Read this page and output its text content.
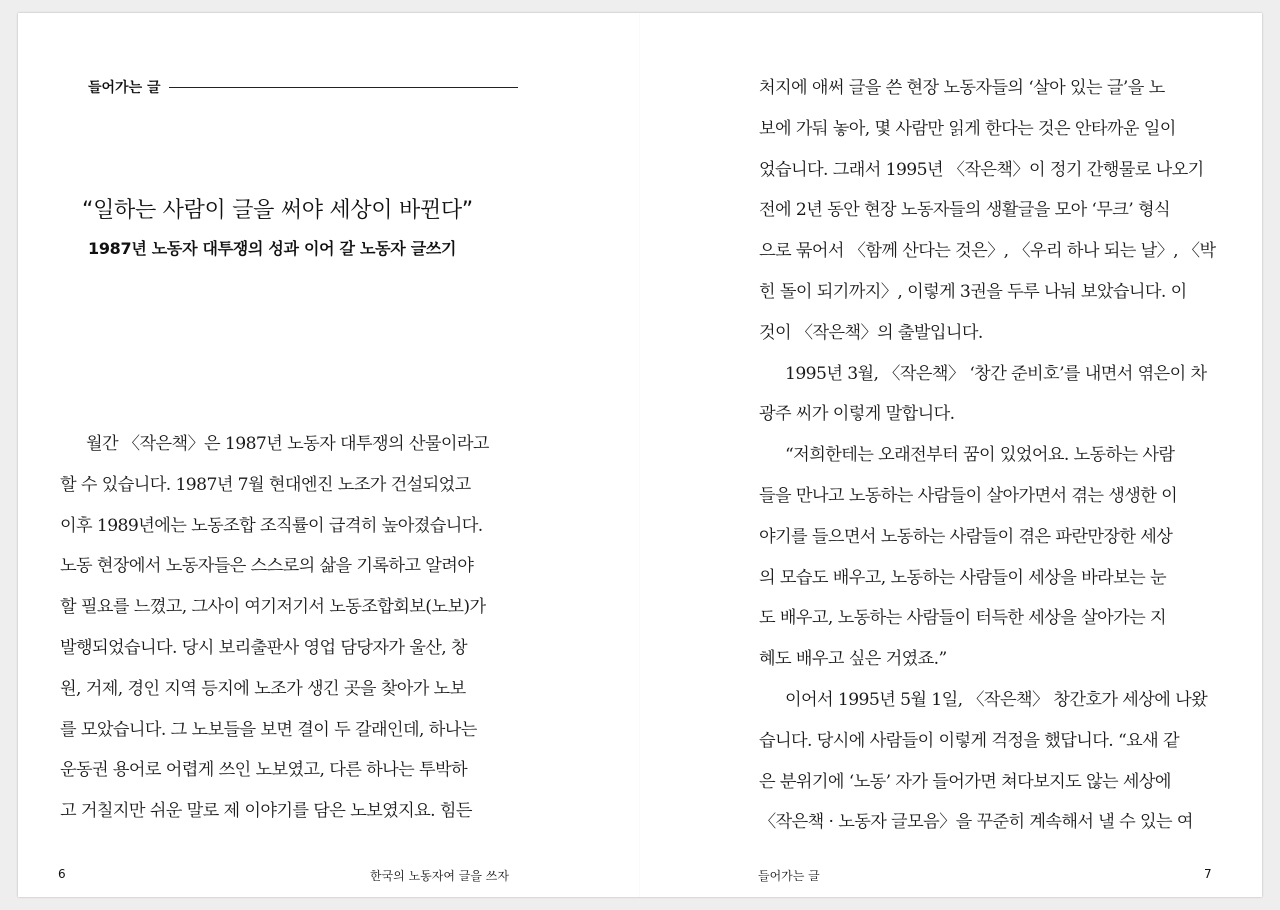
들어가는 글
“일하는 사람이 글을 써야 세상이 바뀐다”
1987년 노동자 대투쟁의 성과 이어 갈 노동자 글쓰기
월간 〈작은책〉은 1987년 노동자 대투쟁의 산물이라고
할 수 있습니다. 1987년 7월 현대엔진 노조가 건설되었고
이후 1989년에는 노동조합 조직률이 급격히 높아졌습니다.
노동 현장에서 노동자들은 스스로의 삶을 기록하고 알려야
할 필요를 느꼈고, 그사이 여기저기서 노동조합회보(노보)가
발행되었습니다. 당시 보리출판사 영업 담당자가 울산, 창
원, 거제, 경인 지역 등지에 노조가 생긴 곳을 찾아가 노보
를 모았습니다. 그 노보들을 보면 결이 두 갈래인데, 하나는
운동권 용어로 어렵게 쓰인 노보였고, 다른 하나는 투박하
고 거칠지만 쉬운 말로 제 이야기를 담은 노보였지요. 힘든
6	한국의 노동자여 글을 쓰자
처지에 애써 글을 쓴 현장 노동자들의 ‘살아 있는 글’을 노
보에 가둬 놓아, 몇 사람만 읽게 한다는 것은 안타까운 일이
었습니다. 그래서 1995년 〈작은책〉이 정기 간행물로 나오기
전에 2년 동안 현장 노동자들의 생활글을 모아 ‘무크’ 형식
으로 묶어서 〈함께 산다는 것은〉, 〈우리 하나 되는 날〉, 〈박
힌 돌이 되기까지〉, 이렇게 3권을 두루 나눠 보았습니다. 이
것이 〈작은책〉의 출발입니다.
1995년 3월, 〈작은책〉 ‘창간 준비호’를 내면서 엮은이 차
광주 씨가 이렇게 말합니다.
“저희한테는 오래전부터 꿈이 있었어요. 노동하는 사람
들을 만나고 노동하는 사람들이 살아가면서 겪는 생생한 이
야기를 들으면서 노동하는 사람들이 겪은 파란만장한 세상
의 모습도 배우고, 노동하는 사람들이 세상을 바라보는 눈
도 배우고, 노동하는 사람들이 터득한 세상을 살아가는 지
혜도 배우고 싶은 거였죠.”
이어서 1995년 5월 1일, 〈작은책〉 창간호가 세상에 나왔
습니다. 당시에 사람들이 이렇게 걱정을 했답니다. “요새 같
은 분위기에 ‘노동’ 자가 들어가면 쳐다보지도 않는 세상에
〈작은책 · 노동자 글모음〉을 꾸준히 계속해서 낼 수 있는 여
들어가는 글	7
